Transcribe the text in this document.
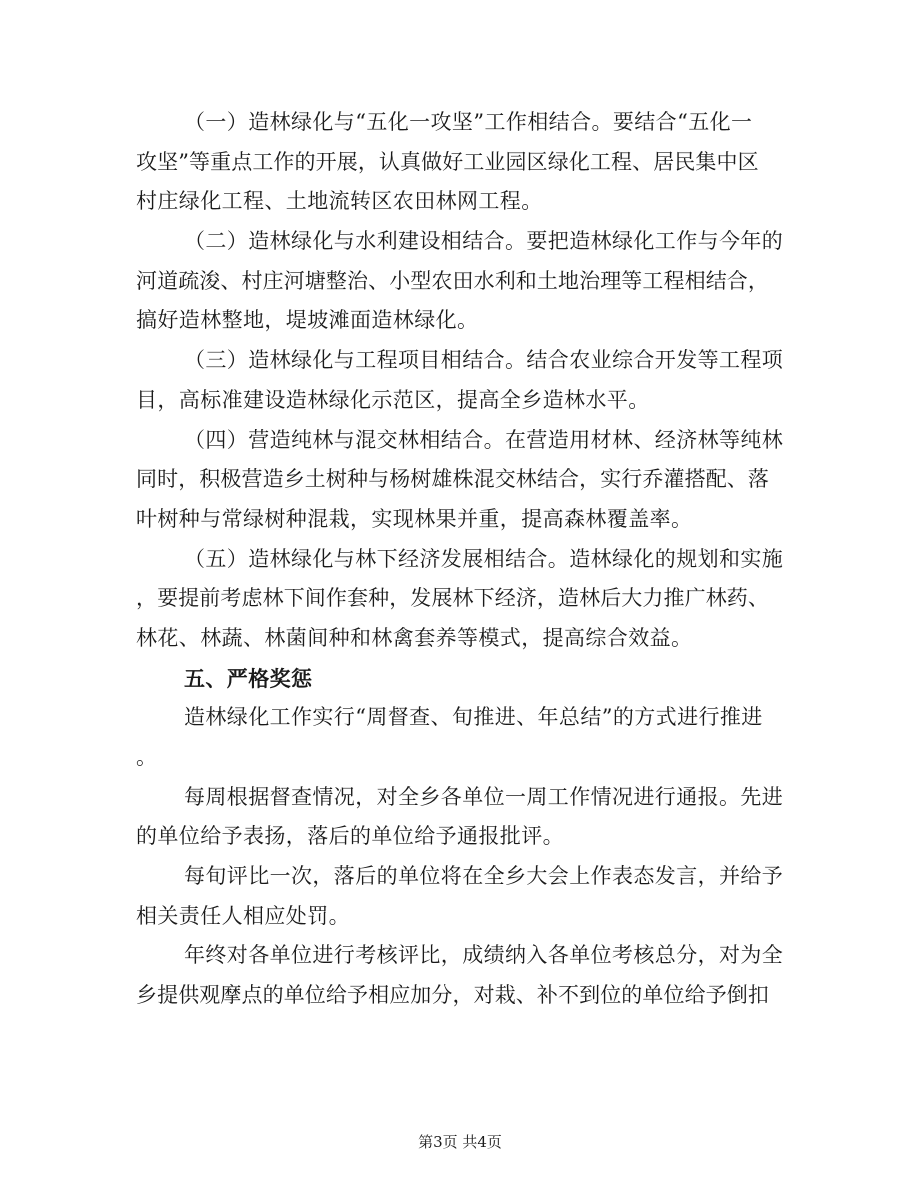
（一）造林绿化与“五化一攻坚”工作相结合。要结合“五化一
攻坚”等重点工作的开展，认真做好工业园区绿化工程、居民集中区
村庄绿化工程、土地流转区农田林网工程。
（二）造林绿化与水利建设相结合。要把造林绿化工作与今年的
河道疏浚、村庄河塘整治、小型农田水利和土地治理等工程相结合，
搞好造林整地，堤坡滩面造林绿化。
（三）造林绿化与工程项目相结合。结合农业综合开发等工程项
目，高标准建设造林绿化示范区，提高全乡造林水平。
（四）营造纯林与混交林相结合。在营造用材林、经济林等纯林
同时，积极营造乡土树种与杨树雄株混交林结合，实行乔灌搭配、落
叶树种与常绿树种混栽，实现林果并重，提高森林覆盖率。
（五）造林绿化与林下经济发展相结合。造林绿化的规划和实施
，要提前考虑林下间作套种，发展林下经济，造林后大力推广林药、
林花、林蔬、林菌间种和林禽套养等模式，提高综合效益。
五、严格奖惩
造林绿化工作实行“周督查、旬推进、年总结”的方式进行推进
。
每周根据督查情况，对全乡各单位一周工作情况进行通报。先进
的单位给予表扬，落后的单位给予通报批评。
每旬评比一次，落后的单位将在全乡大会上作表态发言，并给予
相关责任人相应处罚。
年终对各单位进行考核评比，成绩纳入各单位考核总分，对为全
乡提供观摩点的单位给予相应加分，对栽、补不到位的单位给予倒扣
第3页 共4页
